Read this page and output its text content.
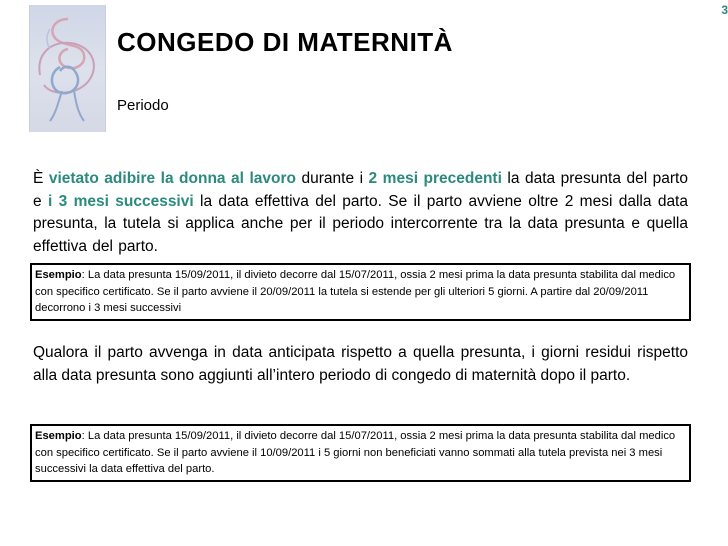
3
CONGEDO DI MATERNITÀ
Periodo
È vietato adibire la donna al lavoro durante i 2 mesi precedenti la data presunta del parto e i 3 mesi successivi la data effettiva del parto. Se il parto avviene oltre 2 mesi dalla data presunta, la tutela si applica anche per il periodo intercorrente tra la data presunta e quella effettiva del parto.
Esempio: La data presunta 15/09/2011, il divieto decorre dal 15/07/2011, ossia 2 mesi prima la data presunta stabilita dal medico con specifico certificato. Se il parto avviene il 20/09/2011 la tutela si estende per gli ulteriori 5 giorni. A partire dal 20/09/2011 decorrono i 3 mesi successivi
Qualora il parto avvenga in data anticipata rispetto a quella presunta, i giorni residui rispetto alla data presunta sono aggiunti all’intero periodo di congedo di maternità dopo il parto.
Esempio: La data presunta 15/09/2011, il divieto decorre dal 15/07/2011, ossia 2 mesi prima la data presunta stabilita dal medico con specifico certificato. Se il parto avviene il 10/09/2011 i 5 giorni non beneficiati vanno sommati alla tutela prevista nei 3 mesi successivi la data effettiva del parto.
